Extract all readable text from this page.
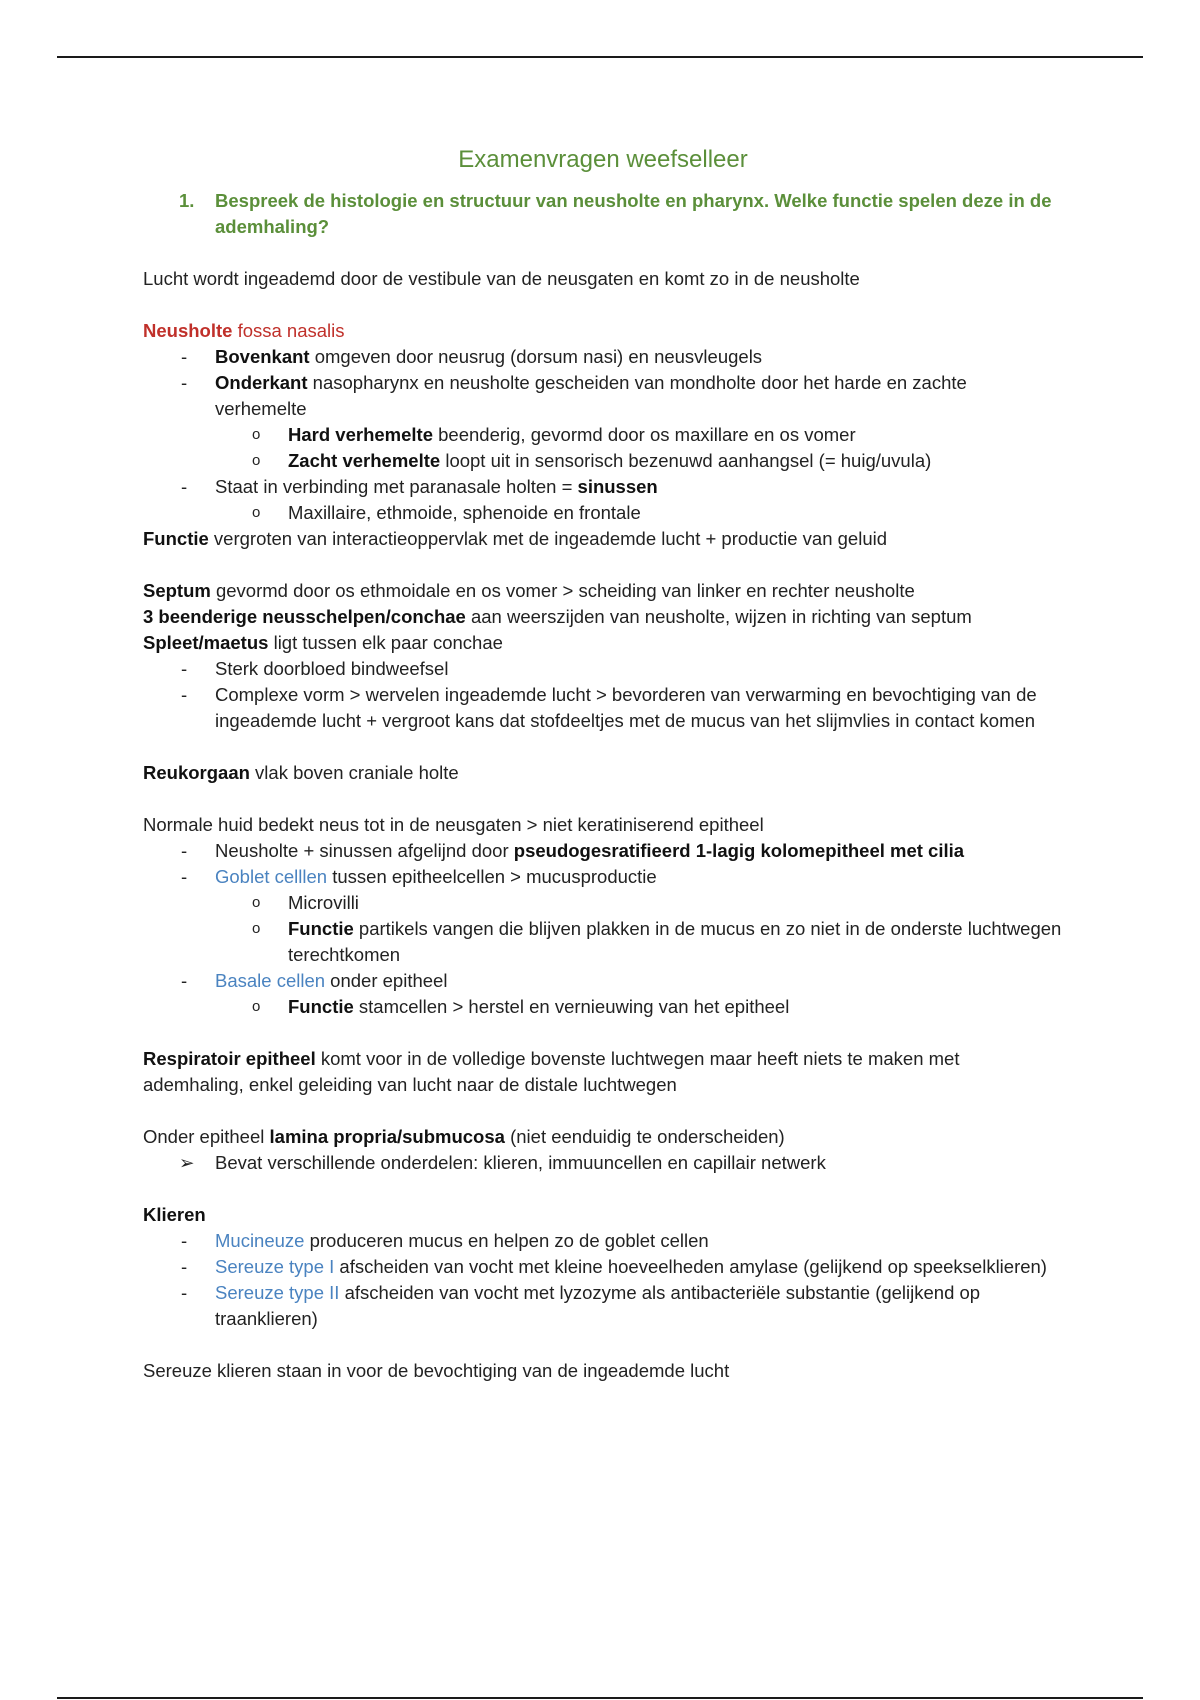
Examenvragen weefselleer
1. Bespreek de histologie en structuur van neusholte en pharynx. Welke functie spelen deze in de ademhaling?

Lucht wordt ingeademd door de vestibule van de neusgaten en komt zo in de neusholte

Neusholte fossa nasalis

- Bovenkant omgeven door neusrug (dorsum nasi) en neusvleugels
- Onderkant nasopharynx en neusholte gescheiden van mondholte door het harde en zachte verhemelte
o Hard verhemelte beenderig, gevormd door os maxillare en os vomer
o Zacht verhemelte loopt uit in sensorisch bezenuwd aanhangsel (= huig/uvula)
- Staat in verbinding met paranasale holten = sinussen
o Maxillaire, ethmoide, sphenoide en frontale

Functie vergroten van interactieoppervlak met de ingeademde lucht + productie van geluid

Septum gevormd door os ethmoidale en os vomer > scheiding van linker en rechter neusholte

3 beenderige neusschelpen/conchae aan weerszijden van neusholte, wijzen in richting van septum

Spleet/maetus ligt tussen elk paar conchae

- Sterk doorbloed bindweefsel
- Complexe vorm > wervelen ingeademde lucht > bevorderen van verwarming en bevochtiging van de ingeademde lucht + vergroot kans dat stofdeeltjes met de mucus van het slijmvlies in contact komen

Reukorgaan vlak boven craniale holte

Normale huid bedekt neus tot in de neusgaten > niet keratiniserend epitheel

- Neusholte + sinussen afgelijnd door pseudogesratifieerd 1-lagig kolomepitheel met cilia
- Goblet celllen tussen epitheelcellen > mucusproductie
o Microvilli
o Functie partikels vangen die blijven plakken in de mucus en zo niet in de onderste luchtwegen terechtkomen
- Basale cellen onder epitheel
o Functie stamcellen > herstel en vernieuwing van het epitheel

Respiratoir epitheel komt voor in de volledige bovenste luchtwegen maar heeft niets te maken met ademhaling, enkel geleiding van lucht naar de distale luchtwegen

Onder epitheel lamina propria/submucosa (niet eenduidig te onderscheiden)

➢ Bevat verschillende onderdelen: klieren, immuuncellen en capillair netwerk

Klieren

- Mucineuze produceren mucus en helpen zo de goblet cellen
- Sereuze type I afscheiden van vocht met kleine hoeveelheden amylase (gelijkend op speekselklieren)
- Sereuze type II afscheiden van vocht met lyzozyme als antibacteriële substantie (gelijkend op traanklieren)

Sereuze klieren staan in voor de bevochtiging van de ingeademde lucht
